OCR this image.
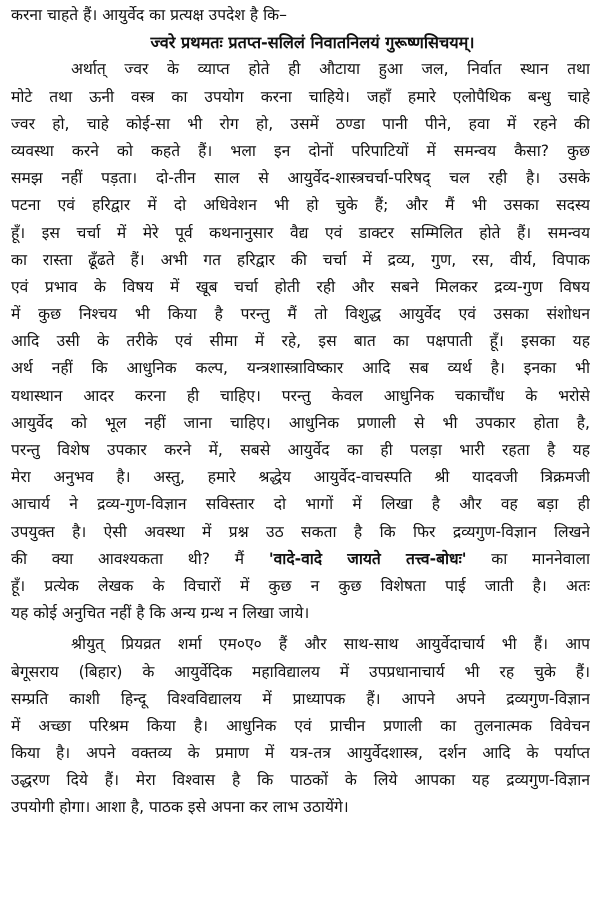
करना चाहते हैं। आयुर्वेद का प्रत्यक्ष उपदेश है कि–
ज्वरे प्रथमतः प्रतप्त-सलिलं निवातनिलयं गुरूष्णसिचयम्।
अर्थात् ज्वर के व्याप्त होते ही औटाया हुआ जल, निर्वात स्थान तथा
मोटे तथा ऊनी वस्त्र का उपयोग करना चाहिये। जहाँ हमारे एलोपैथिक बन्धु चाहे
ज्वर हो, चाहे कोई-सा भी रोग हो, उसमें ठण्डा पानी पीने, हवा में रहने की
व्यवस्था करने को कहते हैं। भला इन दोनों परिपाटियों में समन्वय कैसा? कुछ
समझ नहीं पड़ता। दो-तीन साल से आयुर्वेद-शास्त्रचर्चा-परिषद् चल रही है। उसके
पटना एवं हरिद्वार में दो अधिवेशन भी हो चुके हैं; और मैं भी उसका सदस्य
हूँ। इस चर्चा में मेरे पूर्व कथनानुसार वैद्य एवं डाक्टर सम्मिलित होते हैं। समन्वय
का रास्ता ढूँढते हैं। अभी गत हरिद्वार की चर्चा में द्रव्य, गुण, रस, वीर्य, विपाक
एवं प्रभाव के विषय में खूब चर्चा होती रही और सबने मिलकर द्रव्य-गुण विषय
में कुछ निश्चय भी किया है परन्तु मैं तो विशुद्ध आयुर्वेद एवं उसका संशोधन
आदि उसी के तरीके एवं सीमा में रहे, इस बात का पक्षपाती हूँ। इसका यह
अर्थ नहीं कि आधुनिक कल्प, यन्त्रशास्त्राविष्कार आदि सब व्यर्थ है। इनका भी
यथास्थान आदर करना ही चाहिए। परन्तु केवल आधुनिक चकाचौंध के भरोसे
आयुर्वेद को भूल नहीं जाना चाहिए। आधुनिक प्रणाली से भी उपकार होता है,
परन्तु विशेष उपकार करने में, सबसे आयुर्वेद का ही पलड़ा भारी रहता है यह
मेरा अनुभव है। अस्तु, हमारे श्रद्धेय आयुर्वेद-वाचस्पति श्री यादवजी त्रिक्रमजी
आचार्य ने द्रव्य-गुण-विज्ञान सविस्तार दो भागों में लिखा है और वह बड़ा ही
उपयुक्त है। ऐसी अवस्था में प्रश्न उठ सकता है कि फिर द्रव्यगुण-विज्ञान लिखने
की क्या आवश्यकता थी? मैं 'वादे-वादे जायते तत्त्व-बोधः' का माननेवाला
हूँ। प्रत्येक लेखक के विचारों में कुछ न कुछ विशेषता पाई जाती है। अतः
यह कोई अनुचित नहीं है कि अन्य ग्रन्थ न लिखा जाये।
श्रीयुत् प्रियव्रत शर्मा एम०ए० हैं और साथ-साथ आयुर्वेदाचार्य भी हैं। आप
बेगूसराय (बिहार) के आयुर्वेदिक महाविद्यालय में उपप्रधानाचार्य भी रह चुके हैं।
सम्प्रति काशी हिन्दू विश्वविद्यालय में प्राध्यापक हैं। आपने अपने द्रव्यगुण-विज्ञान
में अच्छा परिश्रम किया है। आधुनिक एवं प्राचीन प्रणाली का तुलनात्मक विवेचन
किया है। अपने वक्तव्य के प्रमाण में यत्र-तत्र आयुर्वेदशास्त्र, दर्शन आदि के पर्याप्त
उद्धरण दिये हैं। मेरा विश्वास है कि पाठकों के लिये आपका यह द्रव्यगुण-विज्ञान
उपयोगी होगा। आशा है, पाठक इसे अपना कर लाभ उठायेंगे।
